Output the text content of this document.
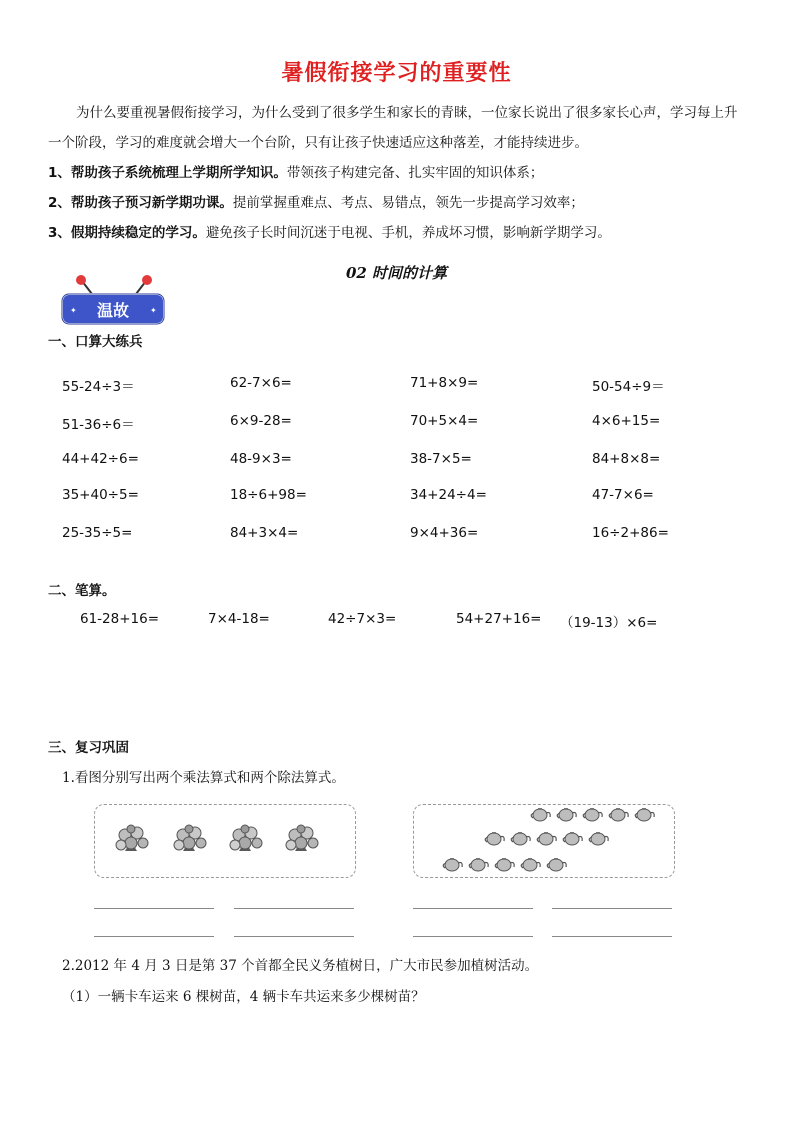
暑假衔接学习的重要性

为什么要重视暑假衔接学习，为什么受到了很多学生和家长的青睐，一位家长说出了很多家长心声，学习每上升一个阶段，学习的难度就会增大一个台阶，只有让孩子快速适应这种落差，才能持续进步。

1、帮助孩子系统梳理上学期所学知识。带领孩子构建完备、扎实牢固的知识体系；

2、帮助孩子预习新学期功课。提前掌握重难点、考点、易错点，领先一步提高学习效率；

3、假期持续稳定的学习。避免孩子长时间沉迷于电视、手机，养成坏习惯，影响新学期学习。

02 时间的计算
✦	✦
温故
一、口算大练兵
55-24÷3＝	62-7×6=	71+8×9=	50-54÷9＝
51-36÷6＝	6×9-28=	70+5×4=	4×6+15=
44+42÷6=	48-9×3=	38-7×5=	84+8×8=
35+40÷5=	18÷6+98=	34+24÷4=	47-7×6=
25-35÷5=	84+3×4=	9×4+36=	16÷2+86=
二、笔算。
61-28+16=	7×4-18=	42÷7×3=	54+27+16= （19-13）×6=
三、复习巩固
1.看图分别写出两个乘法算式和两个除法算式。
2.2012 年 4 月 3 日是第 37 个首都全民义务植树日，广大市民参加植树活动。
（1）一辆卡车运来 6 棵树苗，4 辆卡车共运来多少棵树苗？
